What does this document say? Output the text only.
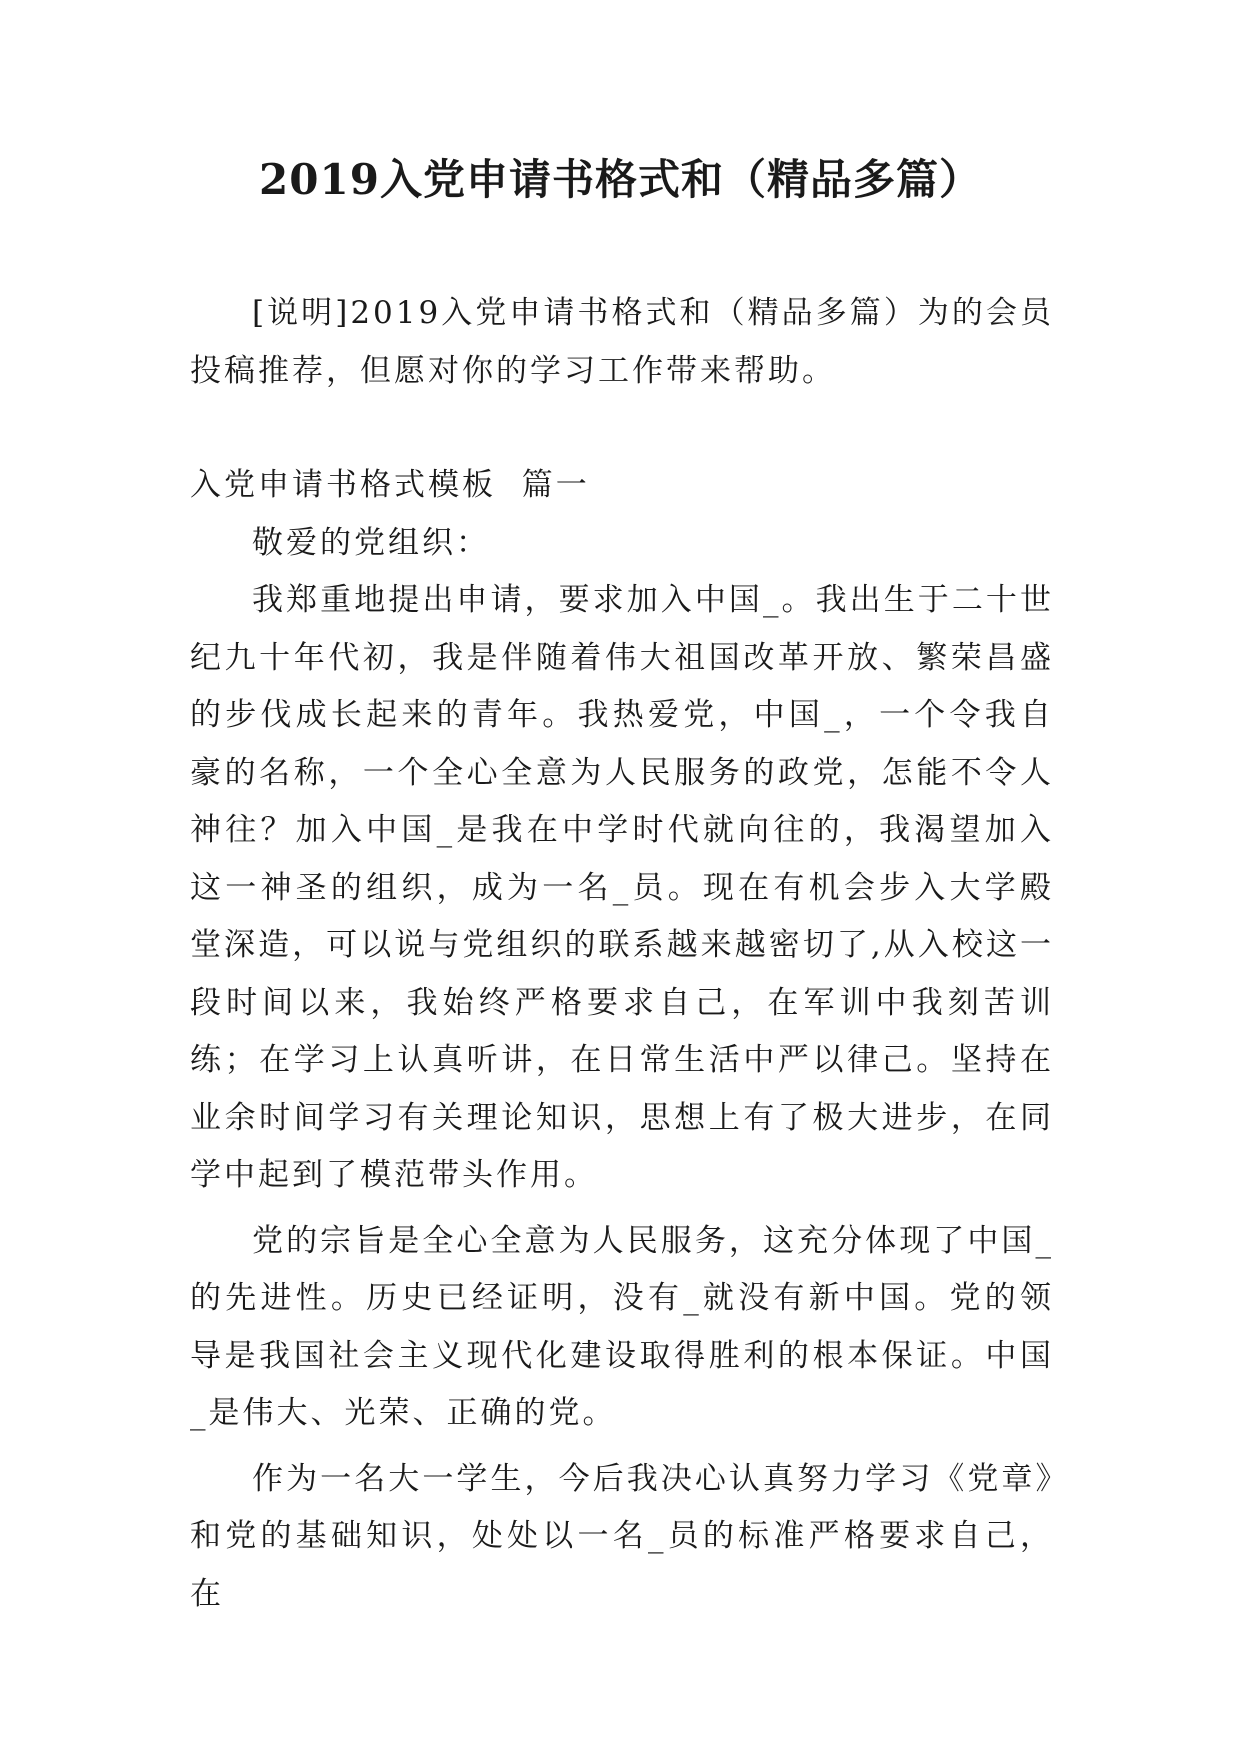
2019入党申请书格式和（精品多篇）

[说明]2019入党申请书格式和（精品多篇）为的会员投稿推荐，但愿对你的学习工作带来帮助。

入党申请书格式模板  篇一

敬爱的党组织：

我郑重地提出申请，要求加入中国_。我出生于二十世纪九十年代初，我是伴随着伟大祖国改革开放、繁荣昌盛的步伐成长起来的青年。我热爱党，中国_，一个令我自豪的名称，一个全心全意为人民服务的政党，怎能不令人神往？加入中国_是我在中学时代就向往的，我渴望加入这一神圣的组织，成为一名_员。现在有机会步入大学殿堂深造，可以说与党组织的联系越来越密切了,从入校这一段时间以来，我始终严格要求自己，在军训中我刻苦训练；在学习上认真听讲，在日常生活中严以律己。坚持在业余时间学习有关理论知识，思想上有了极大进步，在同学中起到了模范带头作用。

党的宗旨是全心全意为人民服务，这充分体现了中国_的先进性。历史已经证明，没有_就没有新中国。党的领导是我国社会主义现代化建设取得胜利的根本保证。中国_是伟大、光荣、正确的党。

作为一名大一学生，今后我决心认真努力学习《党章》和党的基础知识，处处以一名_员的标准严格要求自己，在
